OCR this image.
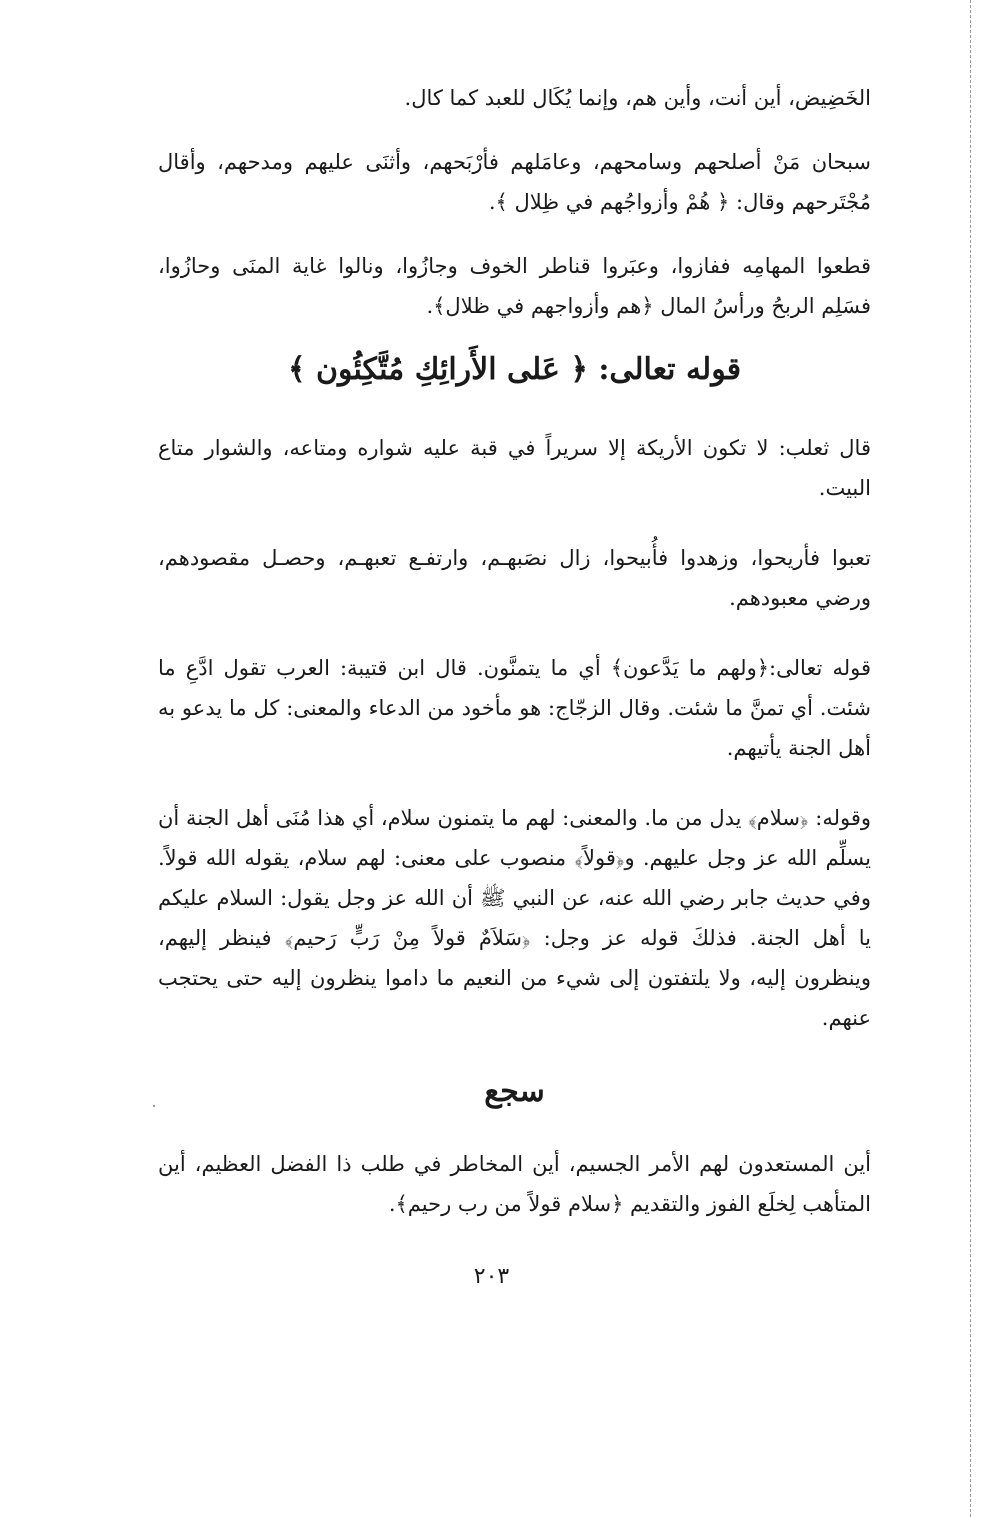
الخَضِيض، أين أنت، وأين هم، وإنما يُكَال للعبد كما كال.

سبحان مَنْ أصلحهم وسامحهم، وعامَلهم فأرْبَحهم، وأثنَى عليهم ومدحهم، وأقال مُجْتَرحهم وقال: ﴿ هُمْ وأزواجُهم في ظِلال ﴾.

قطعوا المهامِه ففازوا، وعبَروا قناطر الخوف وجازُوا، ونالوا غاية المنَى وحازُوا، فسَلِم الربحُ ورأسُ المال ﴿هم وأزواجهم في ظلال﴾.

قوله تعالى: ﴿ عَلى الأَرائِكِ مُتَّكِئُون ﴾

قال ثعلب: لا تكون الأريكة إلا سريراً في قبة عليه شواره ومتاعه، والشوار متاع البيت.

تعبوا فأريحوا، وزهدوا فأُبيحوا، زال نصَبهـم، وارتفـع تعبهـم، وحصـل مقصودهم، ورضي معبودهم.

قوله تعالى:﴿ولهم ما يَدَّعون﴾ أي ما يتمنَّون. قال ابن قتيبة: العرب تقول ادَّعِ ما شئت. أي تمنَّ ما شئت. وقال الزجّاج: هو مأخود من الدعاء والمعنى: كل ما يدعو به أهل الجنة يأتيهم.

وقوله: ﴿سلام﴾ يدل من ما. والمعنى: لهم ما يتمنون سلام، أي هذا مُنَى أهل الجنة أن يسلِّم الله عز وجل عليهم. و﴿قولاً﴾ منصوب على معنى: لهم سلام، يقوله الله قولاً. وفي حديث جابر رضي الله عنه، عن النبي ﷺ أن الله عز وجل يقول: السلام عليكم يا أهل الجنة. فذلكَ قوله عز وجل: ﴿سَلاَمٌ قولاً مِنْ رَبٍّ رَحيم﴾ فينظر إليهم، وينظرون إليه، ولا يلتفتون إلى شيء من النعيم ما داموا ينظرون إليه حتى يحتجب عنهم.

سجع

أين المستعدون لهم الأمر الجسيم، أين المخاطر في طلب ذا الفضل العظيم، أين المتأهب لِخلَع الفوز والتقديم ﴿سلام قولاً من رب رحيم﴾.

٢٠٣
